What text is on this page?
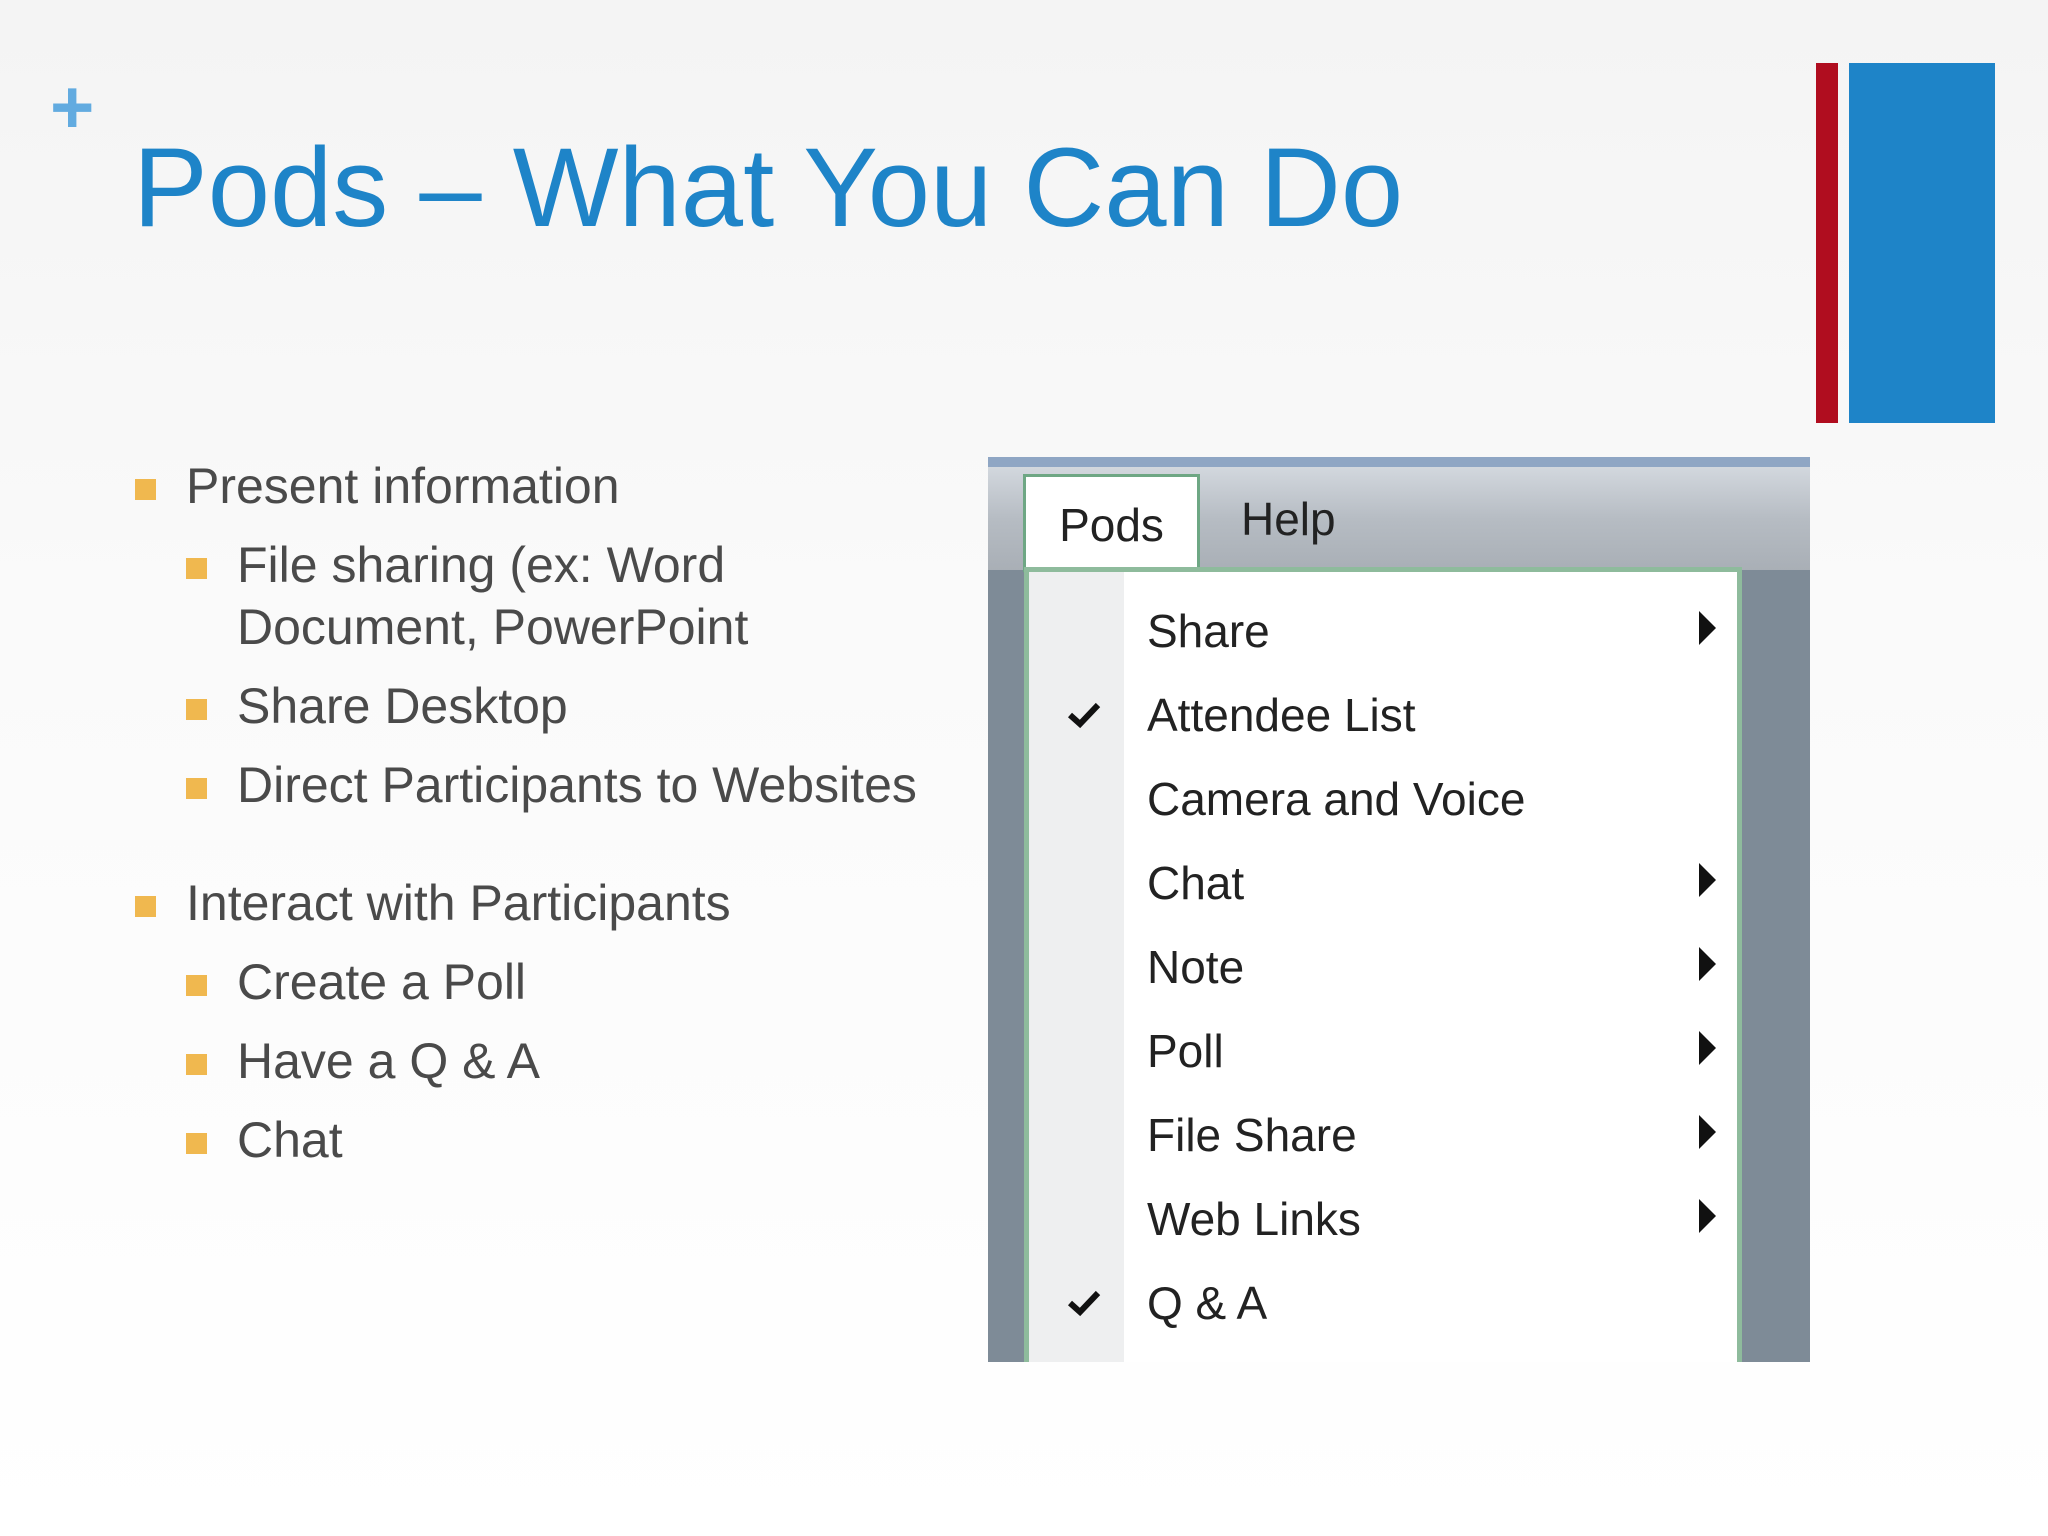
+
Pods – What You Can Do
Present information
File sharing (ex: Word Document, PowerPoint
Share Desktop
Direct Participants to Websites
Interact with Participants
Create a Poll
Have a Q & A
Chat
Pods	Help
Share
Attendee List
Camera and Voice
Chat
Note
Poll
File Share
Web Links
Q & A
